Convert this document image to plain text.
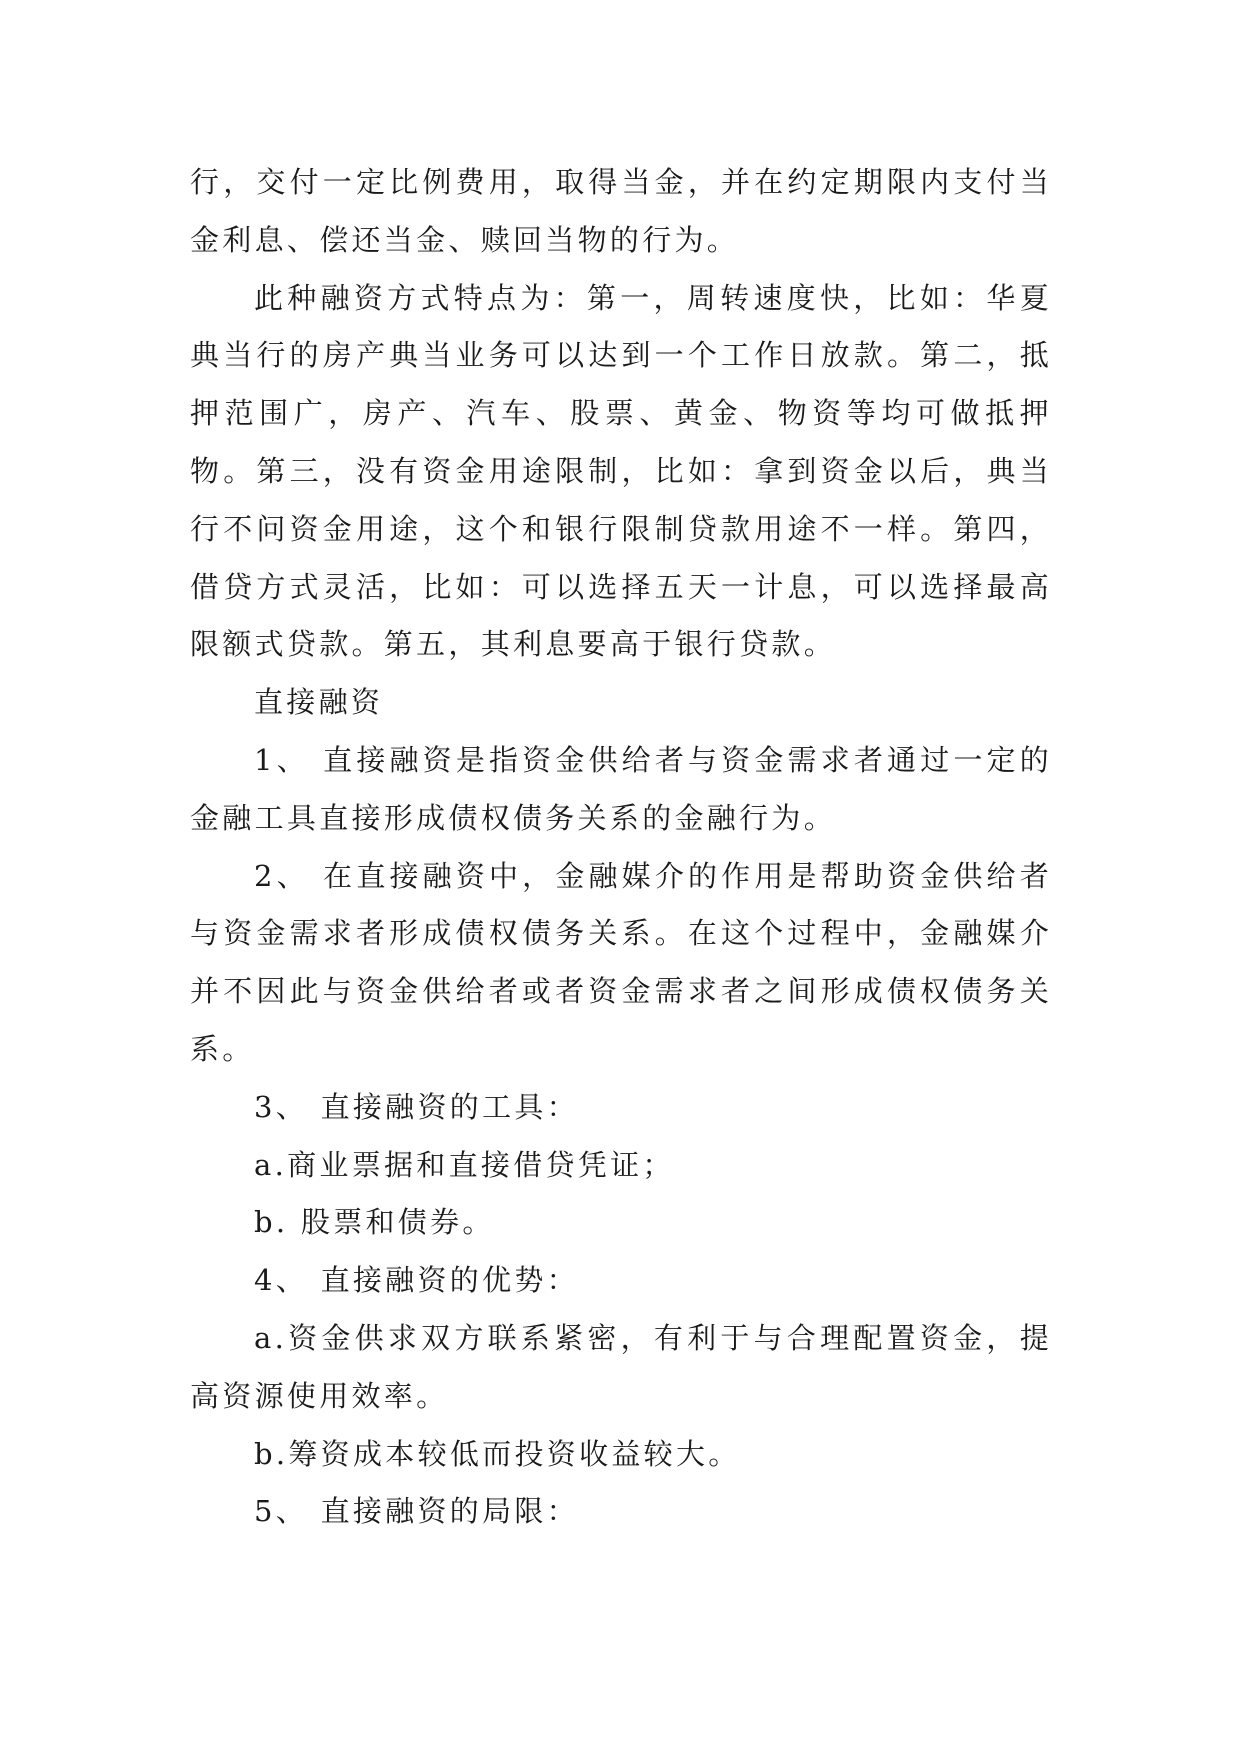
行，交付一定比例费用，取得当金，并在约定期限内支付当金利息、偿还当金、赎回当物的行为。

此种融资方式特点为：第一，周转速度快，比如：华夏典当行的房产典当业务可以达到一个工作日放款。第二，抵押范围广，房产、汽车、股票、黄金、物资等均可做抵押物。第三，没有资金用途限制，比如：拿到资金以后，典当行不问资金用途，这个和银行限制贷款用途不一样。第四，借贷方式灵活，比如：可以选择五天一计息，可以选择最高限额式贷款。第五，其利息要高于银行贷款。

直接融资

1、 直接融资是指资金供给者与资金需求者通过一定的金融工具直接形成债权债务关系的金融行为。

2、 在直接融资中，金融媒介的作用是帮助资金供给者与资金需求者形成债权债务关系。在这个过程中，金融媒介并不因此与资金供给者或者资金需求者之间形成债权债务关系。

3、 直接融资的工具：

a.商业票据和直接借贷凭证；

b. 股票和债券。

4、 直接融资的优势：

a.资金供求双方联系紧密，有利于与合理配置资金，提高资源使用效率。

b.筹资成本较低而投资收益较大。

5、 直接融资的局限：
